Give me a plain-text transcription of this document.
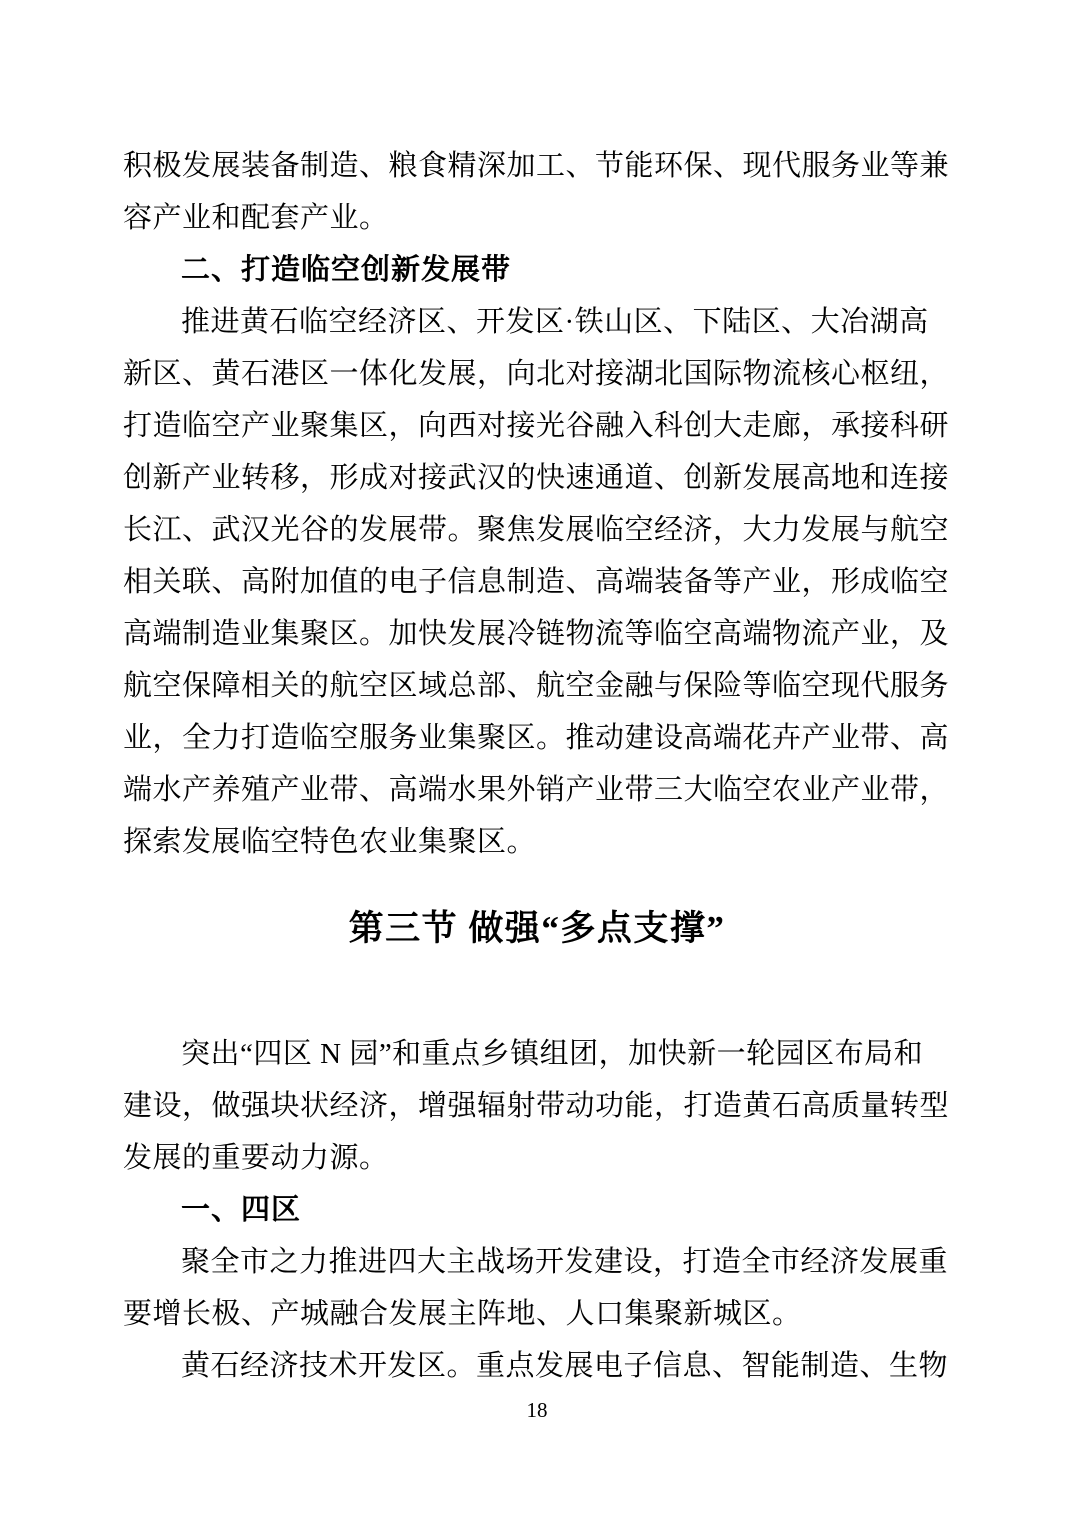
积极发展装备制造、粮食精深加工、节能环保、现代服务业等兼
容产业和配套产业。
二、打造临空创新发展带
推进黄石临空经济区、开发区·铁山区、下陆区、大冶湖高
新区、黄石港区一体化发展，向北对接湖北国际物流核心枢纽，
打造临空产业聚集区，向西对接光谷融入科创大走廊，承接科研
创新产业转移，形成对接武汉的快速通道、创新发展高地和连接
长江、武汉光谷的发展带。聚焦发展临空经济，大力发展与航空
相关联、高附加值的电子信息制造、高端装备等产业，形成临空
高端制造业集聚区。加快发展冷链物流等临空高端物流产业，及
航空保障相关的航空区域总部、航空金融与保险等临空现代服务
业，全力打造临空服务业集聚区。推动建设高端花卉产业带、高
端水产养殖产业带、高端水果外销产业带三大临空农业产业带，
探索发展临空特色农业集聚区。
第三节 做强“多点支撑”
突出“四区 N 园”和重点乡镇组团，加快新一轮园区布局和
建设，做强块状经济，增强辐射带动功能，打造黄石高质量转型
发展的重要动力源。
一、四区
聚全市之力推进四大主战场开发建设，打造全市经济发展重
要增长极、产城融合发展主阵地、人口集聚新城区。
黄石经济技术开发区。重点发展电子信息、智能制造、生物
18
